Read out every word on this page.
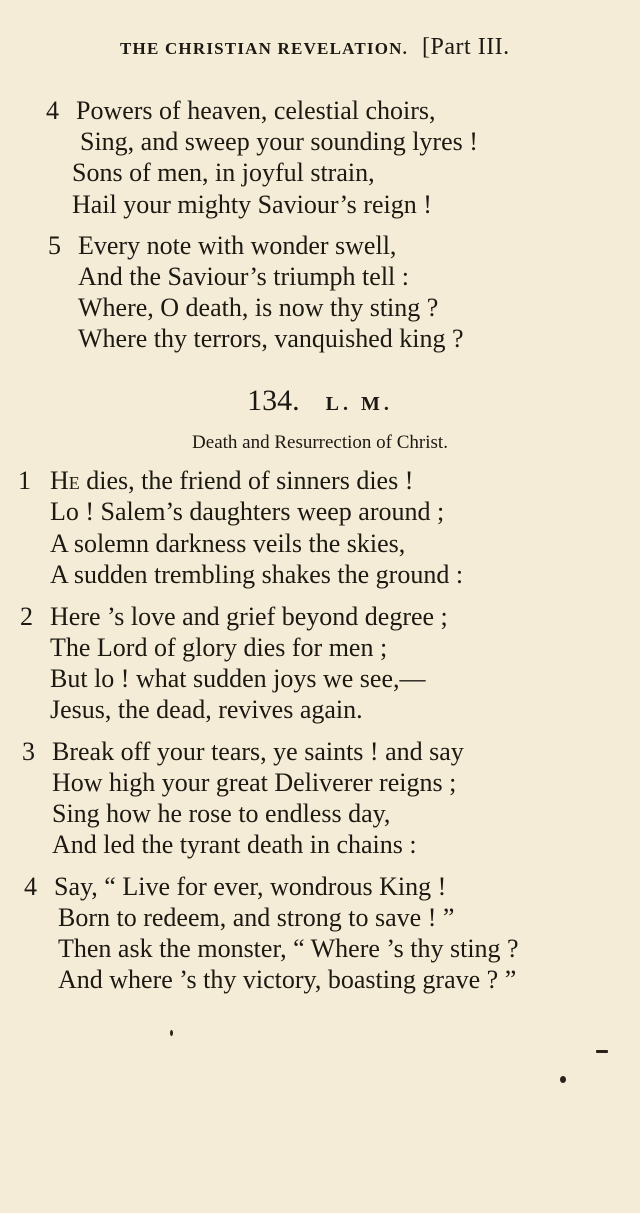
THE CHRISTIAN REVELATION. [Part III.
4 Powers of heaven, celestial choirs,
Sing, and sweep your sounding lyres !
Sons of men, in joyful strain,
Hail your mighty Saviour’s reign !
5 Every note with wonder swell,
And the Saviour’s triumph tell :
Where, O death, is now thy sting ?
Where thy terrors, vanquished king ?
134. L. M.
Death and Resurrection of Christ.
1 He dies, the friend of sinners dies !
Lo ! Salem’s daughters weep around ;
A solemn darkness veils the skies,
A sudden trembling shakes the ground :
2 Here ’s love and grief beyond degree ;
The Lord of glory dies for men ;
But lo ! what sudden joys we see,—
Jesus, the dead, revives again.
3 Break off your tears, ye saints ! and say
How high your great Deliverer reigns ;
Sing how he rose to endless day,
And led the tyrant death in chains :
4 Say, “ Live for ever, wondrous King !
Born to redeem, and strong to save ! ”
Then ask the monster, “ Where ’s thy sting ?
And where ’s thy victory, boasting grave ? ”
